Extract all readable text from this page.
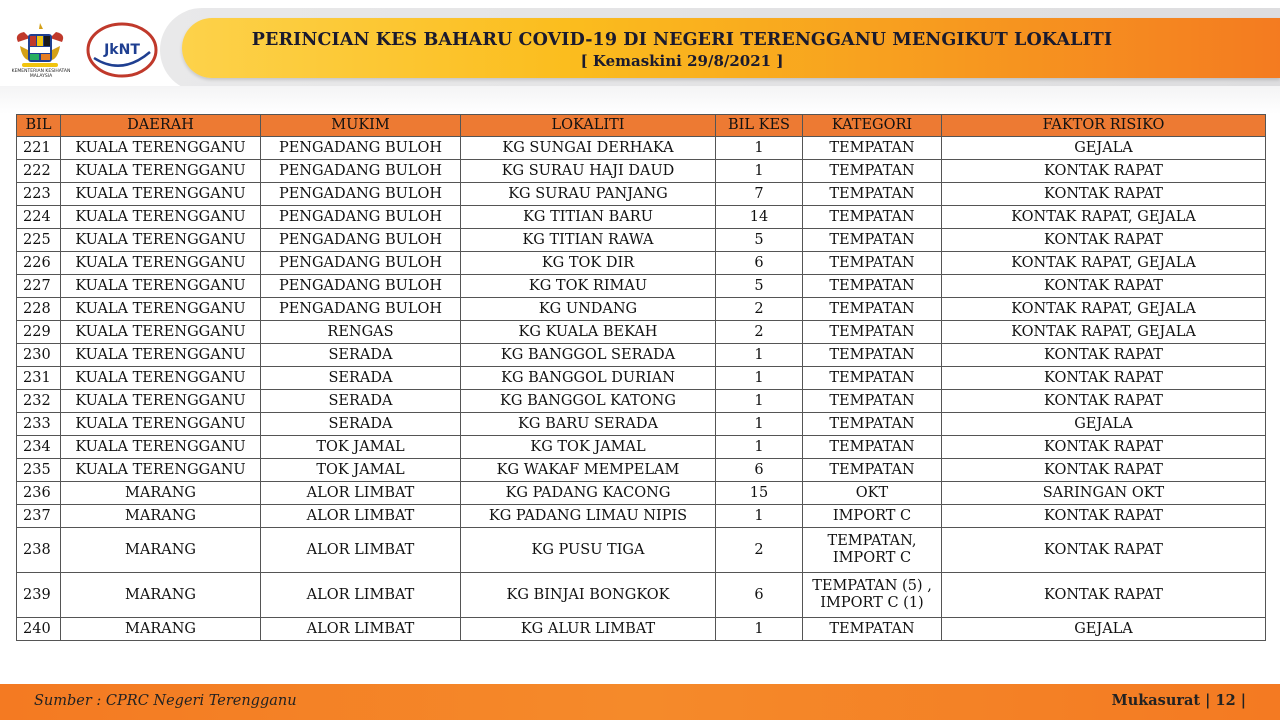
KEMENTERIAN KESIHATAN MALAYSIA
JkNT	PERINCIAN KES BAHARU COVID-19 DI NEGERI TERENGGANU MENGIKUT LOKALITI
[ Kemaskini 29/8/2021 ]
BIL	DAERAH	MUKIM	LOKALITI	BIL KES	KATEGORI	FAKTOR RISIKO
221	KUALA TERENGGANU	PENGADANG BULOH	KG SUNGAI DERHAKA	1	TEMPATAN	GEJALA
222	KUALA TERENGGANU	PENGADANG BULOH	KG SURAU HAJI DAUD	1	TEMPATAN	KONTAK RAPAT
223	KUALA TERENGGANU	PENGADANG BULOH	KG SURAU PANJANG	7	TEMPATAN	KONTAK RAPAT
224	KUALA TERENGGANU	PENGADANG BULOH	KG TITIAN BARU	14	TEMPATAN	KONTAK RAPAT, GEJALA
225	KUALA TERENGGANU	PENGADANG BULOH	KG TITIAN RAWA	5	TEMPATAN	KONTAK RAPAT
226	KUALA TERENGGANU	PENGADANG BULOH	KG TOK DIR	6	TEMPATAN	KONTAK RAPAT, GEJALA
227	KUALA TERENGGANU	PENGADANG BULOH	KG TOK RIMAU	5	TEMPATAN	KONTAK RAPAT
228	KUALA TERENGGANU	PENGADANG BULOH	KG UNDANG	2	TEMPATAN	KONTAK RAPAT, GEJALA
229	KUALA TERENGGANU	RENGAS	KG KUALA BEKAH	2	TEMPATAN	KONTAK RAPAT, GEJALA
230	KUALA TERENGGANU	SERADA	KG BANGGOL SERADA	1	TEMPATAN	KONTAK RAPAT
231	KUALA TERENGGANU	SERADA	KG BANGGOL DURIAN	1	TEMPATAN	KONTAK RAPAT
232	KUALA TERENGGANU	SERADA	KG BANGGOL KATONG	1	TEMPATAN	KONTAK RAPAT
233	KUALA TERENGGANU	SERADA	KG BARU SERADA	1	TEMPATAN	GEJALA
234	KUALA TERENGGANU	TOK JAMAL	KG TOK JAMAL	1	TEMPATAN	KONTAK RAPAT
235	KUALA TERENGGANU	TOK JAMAL	KG WAKAF MEMPELAM	6	TEMPATAN	KONTAK RAPAT
236	MARANG	ALOR LIMBAT	KG PADANG KACONG	15	OKT	SARINGAN OKT
237	MARANG	ALOR LIMBAT	KG PADANG LIMAU NIPIS	1	IMPORT C	KONTAK RAPAT
238	MARANG	ALOR LIMBAT	KG PUSU TIGA	2	TEMPATAN,
IMPORT C	KONTAK RAPAT
239	MARANG	ALOR LIMBAT	KG BINJAI BONGKOK	6	TEMPATAN (5) ,
IMPORT C (1)	KONTAK RAPAT
240	MARANG	ALOR LIMBAT	KG ALUR LIMBAT	1	TEMPATAN	GEJALA
Sumber : CPRC Negeri Terengganu	Mukasurat | 12 |
